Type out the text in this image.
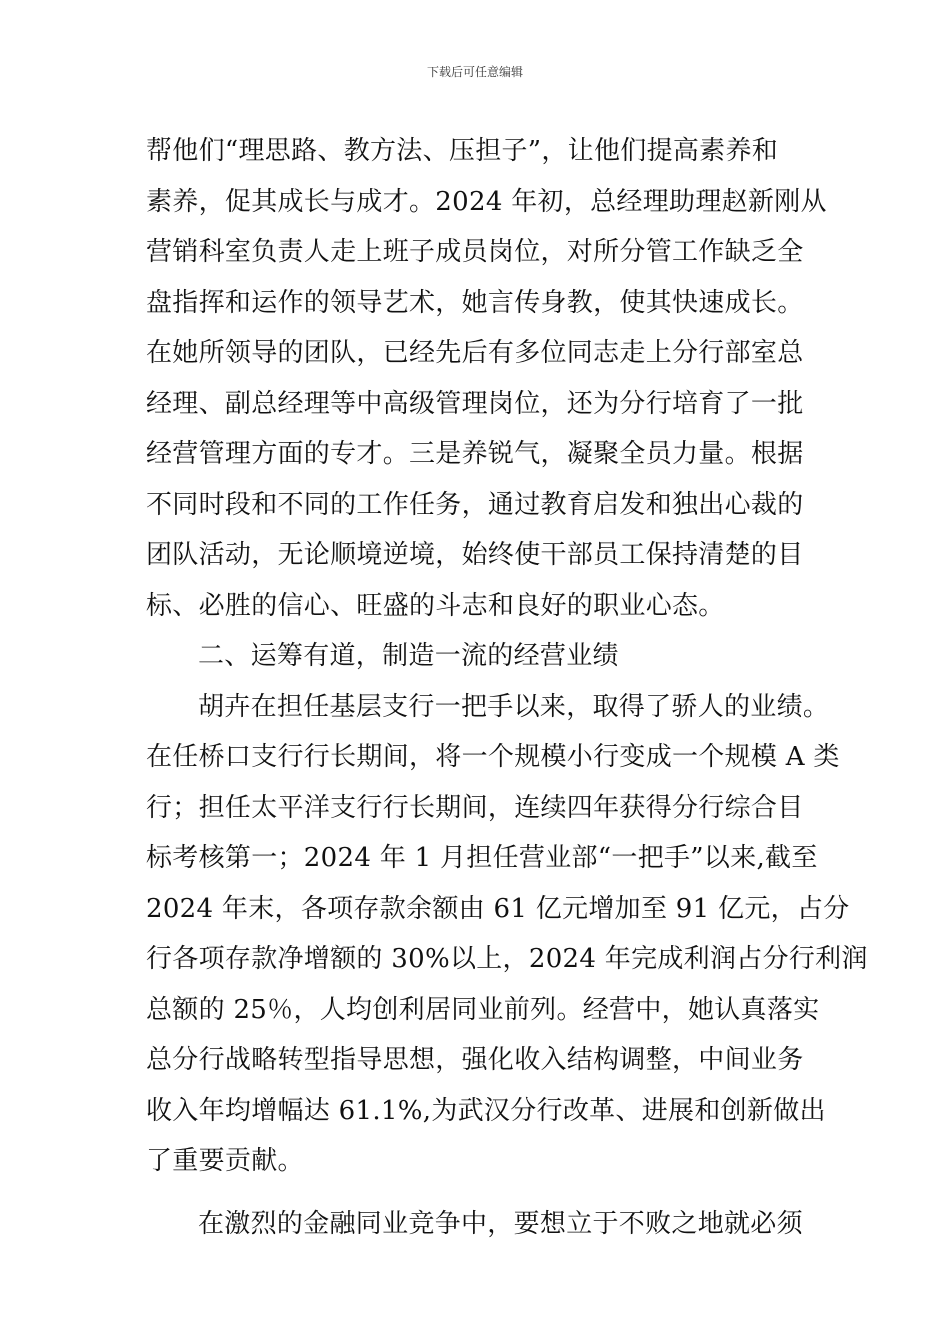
下载后可任意编辑

帮他们“理思路、教方法、压担子”，让他们提高素养和
素养，促其成长与成才。2024 年初，总经理助理赵新刚从
营销科室负责人走上班子成员岗位，对所分管工作缺乏全
盘指挥和运作的领导艺术，她言传身教，使其快速成长。
在她所领导的团队，已经先后有多位同志走上分行部室总
经理、副总经理等中高级管理岗位，还为分行培育了一批
经营管理方面的专才。三是养锐气，凝聚全员力量。根据
不同时段和不同的工作任务，通过教育启发和独出心裁的
团队活动，无论顺境逆境，始终使干部员工保持清楚的目
标、必胜的信心、旺盛的斗志和良好的职业心态。

二、运筹有道，制造一流的经营业绩

胡卉在担任基层支行一把手以来，取得了骄人的业绩。
在任桥口支行行长期间，将一个规模小行变成一个规模 A 类
行；担任太平洋支行行长期间，连续四年获得分行综合目
标考核第一；2024 年 1 月担任营业部“一把手”以来,截至
2024 年末，各项存款余额由 61 亿元增加至 91 亿元，占分
行各项存款净增额的 30%以上，2024 年完成利润占分行利润
总额的 25％，人均创利居同业前列。经营中，她认真落实
总分行战略转型指导思想，强化收入结构调整，中间业务
收入年均增幅达 61.1%,为武汉分行改革、进展和创新做出
了重要贡献。

在激烈的金融同业竞争中，要想立于不败之地就必须
